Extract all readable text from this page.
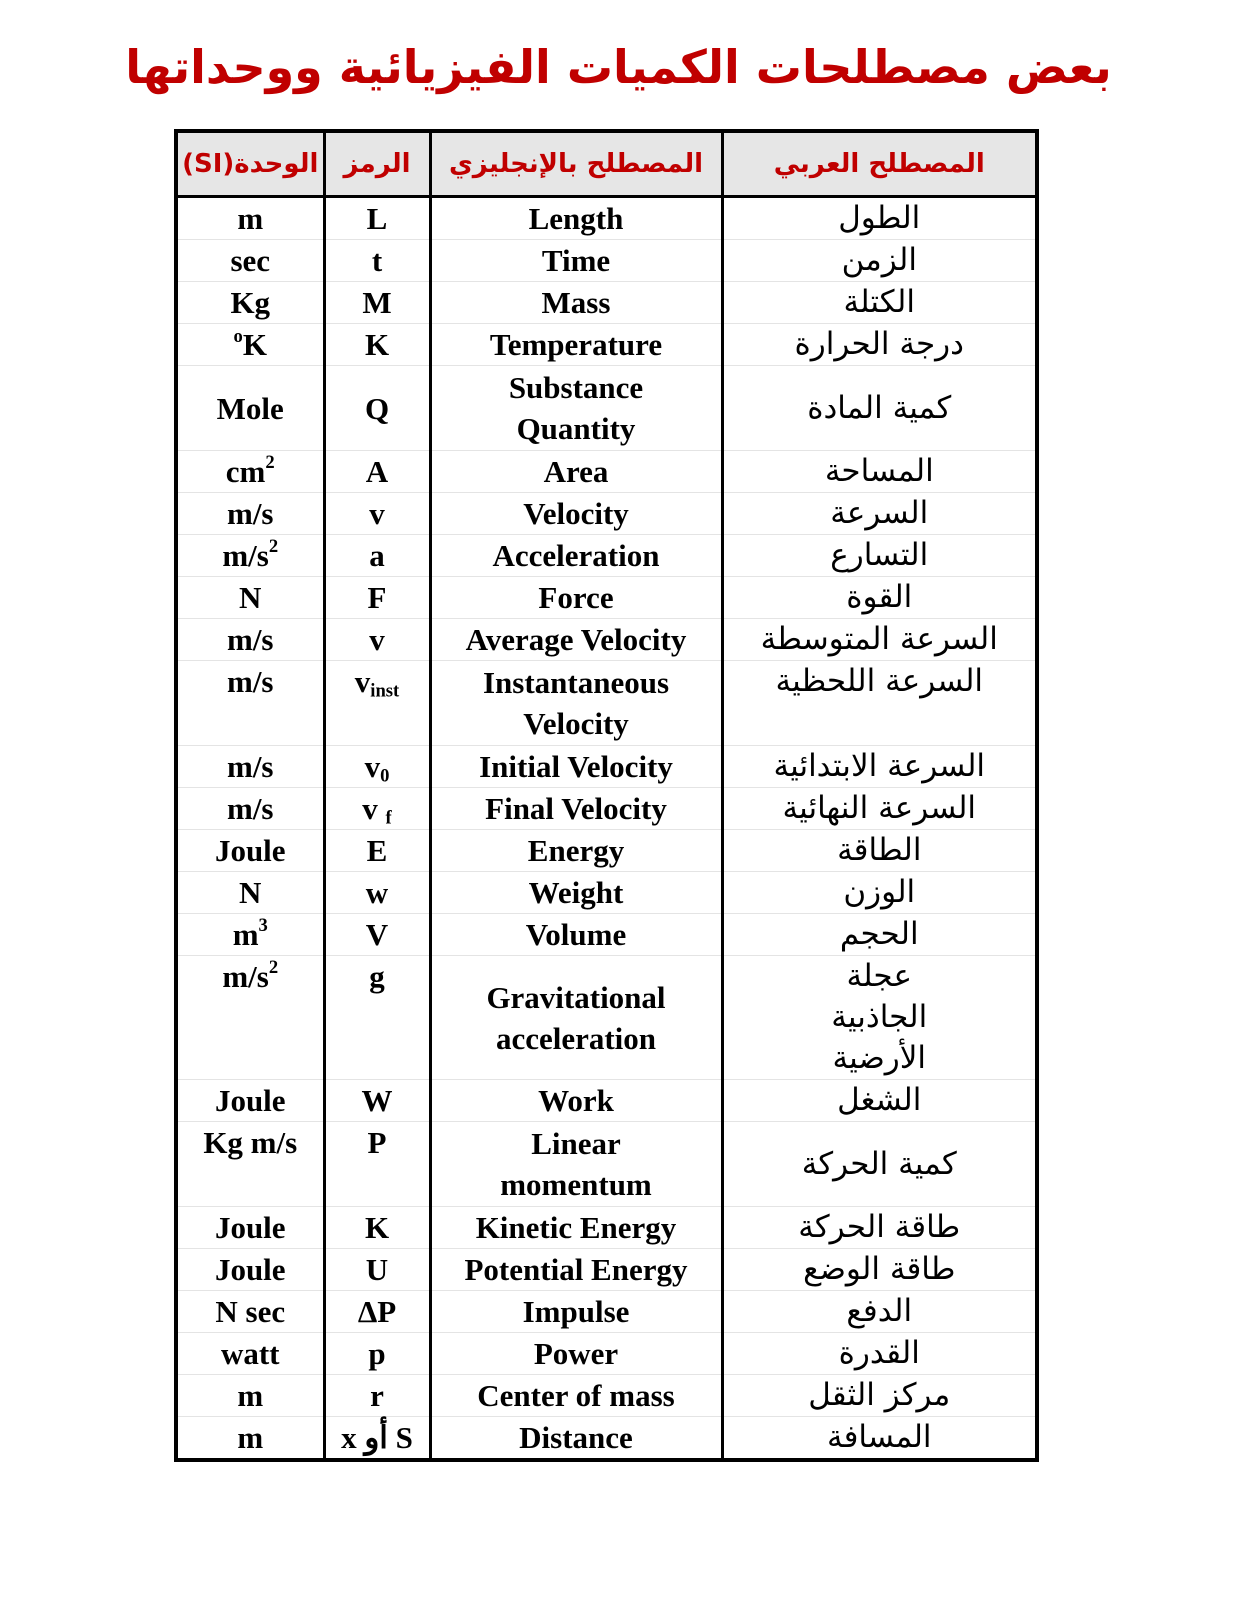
بعض مصطلحات الكميات الفيزيائية ووحداتها
الوحدة(SI)	الرمز	المصطلح بالإنجليزي	المصطلح العربي
m	L	Length	الطول
sec	t	Time	الزمن
Kg	M	Mass	الكتلة
$^o$K	K	Temperature	درجة الحرارة
Mole	Q	Substance Quantity	كمية المادة
$cm^2$	A	Area	المساحة
m/s	v	Velocity	السرعة
$m/s^2$	a	Acceleration	التسارع
N	F	Force	القوة
m/s	v	Average Velocity	السرعة المتوسطة
m/s	$v_{inst}$	Instantaneous Velocity	السرعة اللحظية
m/s	$v_0$	Initial Velocity	السرعة الابتدائية
m/s	v $_f$	Final Velocity	السرعة النهائية
Joule	E	Energy	الطاقة
N	w	Weight	الوزن
$m^3$	V	Volume	الحجم
$m/s^2$	g	Gravitational acceleration	عجلة الجاذبية الأرضية
Joule	W	Work	الشغل
Kg m/s	P	Linear momentum	كمية الحركة
Joule	K	Kinetic Energy	طاقة الحركة
Joule	U	Potential Energy	طاقة الوضع
N sec	ΔP	Impulse	الدفع
watt	p	Power	القدرة
m	r	Center of mass	مركز الثقل
m	S أو x	Distance	المسافة
